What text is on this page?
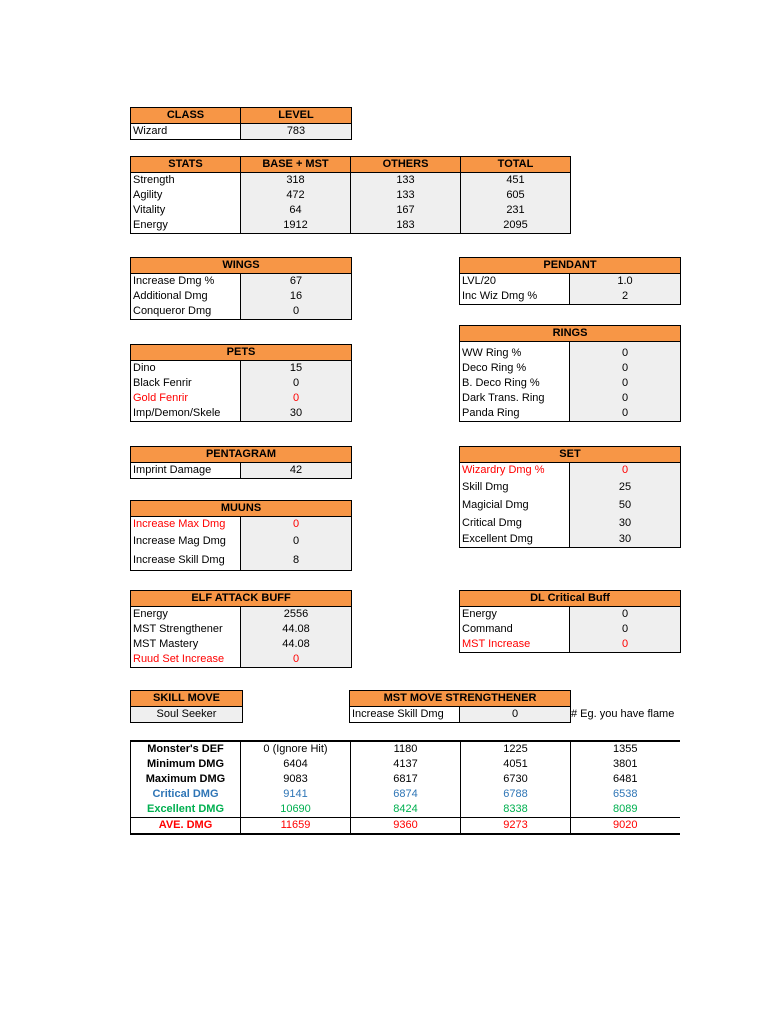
CLASS	LEVEL
Wizard	783
STATS	BASE + MST	OTHERS	TOTAL
Strength	318	133	451
Agility	472	133	605
Vitality	64	167	231
Energy	1912	183	2095
WINGS	
Increase Dmg %	67
Additional Dmg	16
Conqueror Dmg	0
PENDANT	
LVL/20	1.0
Inc Wiz Dmg %	2
RINGS	

WW Ring %	0
Deco Ring %	0
B. Deco Ring %	0
Dark Trans. Ring	0
Panda Ring	0
PETS	
Dino	15
Black Fenrir	0
Gold Fenrir	0
Imp/Demon/Skele	30
PENTAGRAM
Imprint Damage	42
SET	
Wizardry Dmg %	0
Skill Dmg	25
Magicial Dmg	50
Critical Dmg	30
Excellent Dmg	30
MUUNS	
Increase Max Dmg	0
Increase Mag Dmg	0
Increase Skill Dmg	8
ELF ATTACK BUFF	
Energy	2556
MST Strengthener	44.08
MST Mastery	44.08
Ruud Set Increase	0
DL Critical Buff	
Energy	0
Command	0
MST Increase	0
SKILL MOVE
Soul Seeker
MST MOVE STRENGTHENER
Increase Skill Dmg	0	# Eg. you have flame
Monster's DEF	0 (Ignore Hit)	1180	1225	1355
Minimum DMG	6404	4137	4051	3801
Maximum DMG	9083	6817	6730	6481
Critical DMG	9141	6874	6788	6538
Excellent DMG	10690	8424	8338	8089
AVE. DMG	11659	9360	9273	9020
